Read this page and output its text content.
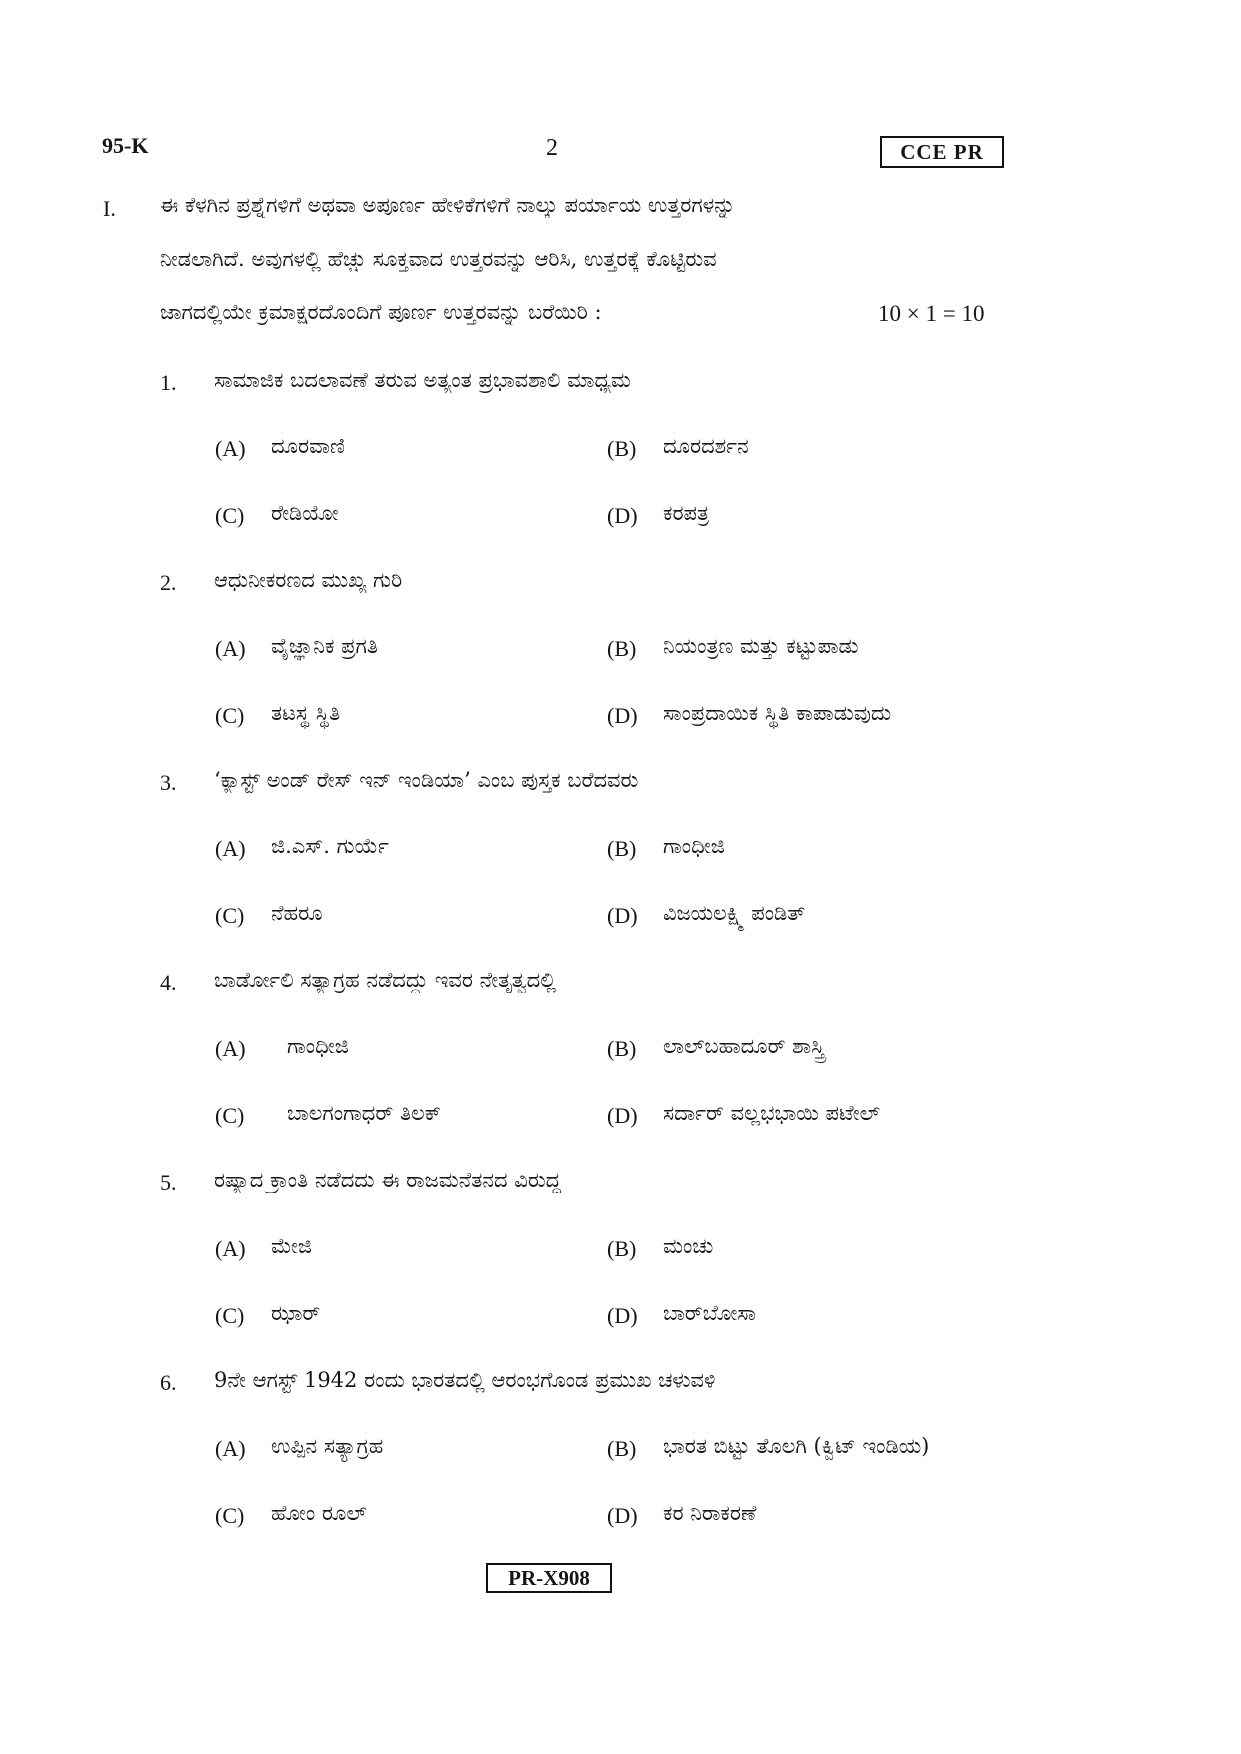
95-K	2	CCE PR
I. ಈ ಕೆಳಗಿನ ಪ್ರಶ್ನೆಗಳಿಗೆ ಅಥವಾ ಅಪೂರ್ಣ ಹೇಳಿಕೆಗಳಿಗೆ ನಾಲ್ಕು ಪರ್ಯಾಯ ಉತ್ತರಗಳನ್ನು
ನೀಡಲಾಗಿದೆ. ಅವುಗಳಲ್ಲಿ ಹೆಚ್ಚು ಸೂಕ್ತವಾದ ಉತ್ತರವನ್ನು ಆರಿಸಿ, ಉತ್ತರಕ್ಕೆ ಕೊಟ್ಟಿರುವ
ಜಾಗದಲ್ಲಿಯೇ ಕ್ರಮಾಕ್ಷರದೊಂದಿಗೆ ಪೂರ್ಣ ಉತ್ತರವನ್ನು ಬರೆಯಿರಿ :	10 × 1 = 10
1. ಸಾಮಾಜಿಕ ಬದಲಾವಣೆ ತರುವ ಅತ್ಯಂತ ಪ್ರಭಾವಶಾಲಿ ಮಾಧ್ಯಮ
(A) ದೂರವಾಣಿ	(B) ದೂರದರ್ಶನ
(C) ರೇಡಿಯೋ	(D) ಕರಪತ್ರ
2. ಆಧುನೀಕರಣದ ಮುಖ್ಯ ಗುರಿ
(A) ವೈಜ್ಞಾನಿಕ ಪ್ರಗತಿ	(B) ನಿಯಂತ್ರಣ ಮತ್ತು ಕಟ್ಟುಪಾಡು
(C) ತಟಸ್ಥ ಸ್ಥಿತಿ	(D) ಸಾಂಪ್ರದಾಯಿಕ ಸ್ಥಿತಿ ಕಾಪಾಡುವುದು
3. ‘ಕ್ಯಾಸ್ಟ್ ಅಂಡ್ ರೇಸ್ ಇನ್ ಇಂಡಿಯಾ’ ಎಂಬ ಪುಸ್ತಕ ಬರೆದವರು
(A) ಜಿ.ಎಸ್. ಗುರ್ಯೆ	(B) ಗಾಂಧೀಜಿ
(C) ನೆಹರೂ	(D) ವಿಜಯಲಕ್ಷ್ಮಿ ಪಂಡಿತ್
4. ಬಾರ್ಡೋಲಿ ಸತ್ಯಾಗ್ರಹ ನಡೆದದ್ದು ಇವರ ನೇತೃತ್ವದಲ್ಲಿ
(A) ಗಾಂಧೀಜಿ	(B) ಲಾಲ್‌ಬಹಾದೂರ್ ಶಾಸ್ತ್ರಿ
(C) ಬಾಲಗಂಗಾಧರ್ ತಿಲಕ್	(D) ಸರ್ದಾರ್ ವಲ್ಲಭಭಾಯಿ ಪಟೇಲ್
5. ರಷ್ಯಾದ ಕ್ರಾಂತಿ ನಡೆದದು ಈ ರಾಜಮನೆತನದ ವಿರುದ್ಧ
(A) ಮೇಜಿ	(B) ಮಂಚು
(C) ಝಾರ್	(D) ಬಾರ್‌ಬೋಸಾ
6. 9ನೇ ಆಗಸ್ಟ್ 1942 ರಂದು ಭಾರತದಲ್ಲಿ ಆರಂಭಗೊಂಡ ಪ್ರಮುಖ ಚಳುವಳಿ
(A) ಉಪ್ಪಿನ ಸತ್ಯಾಗ್ರಹ	(B) ಭಾರತ ಬಿಟ್ಟು ತೊಲಗಿ (ಕ್ವಿಟ್ ಇಂಡಿಯ)
(C) ಹೋಂ ರೂಲ್	(D) ಕರ ನಿರಾಕರಣೆ
PR-X908
